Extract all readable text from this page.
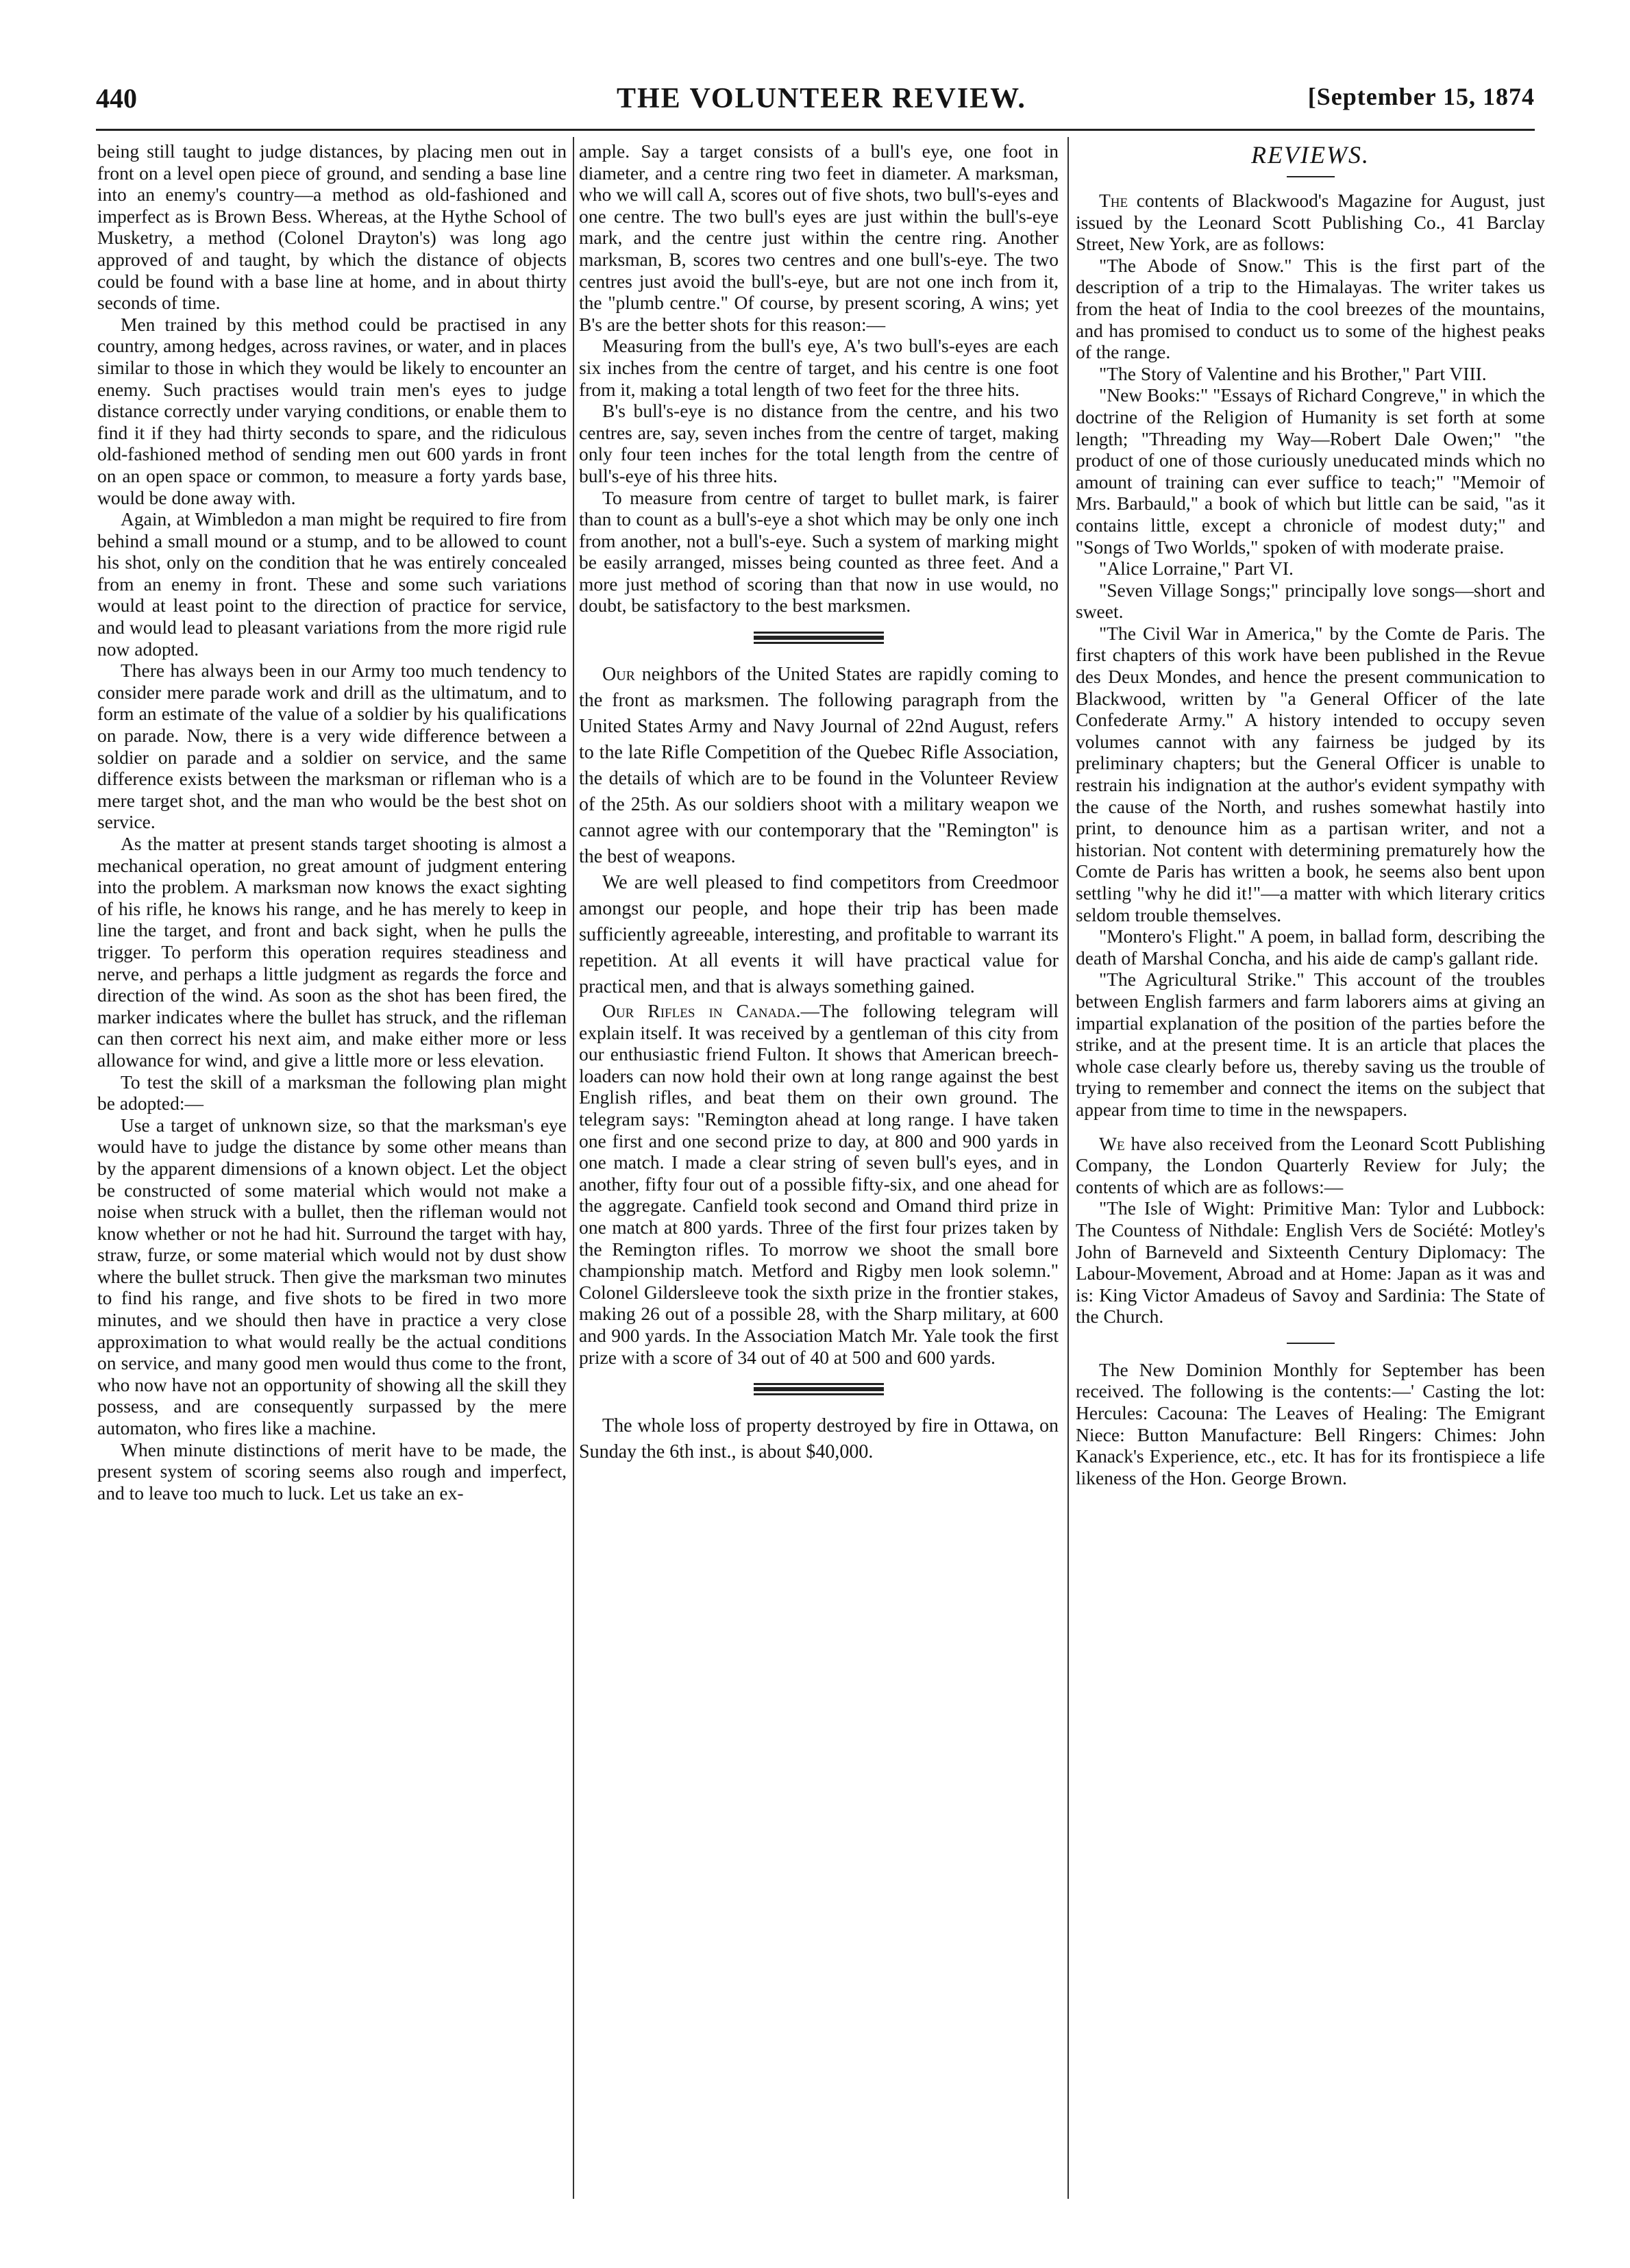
440	THE VOLUNTEER REVIEW.	[September 15, 1874

being still taught to judge distances, by placing men out in front on a level open piece of ground, and sending a base line into an enemy's country—a method as old-fashioned and imperfect as is Brown Bess. Whereas, at the Hythe School of Musketry, a method (Colonel Drayton's) was long ago approved of and taught, by which the distance of objects could be found with a base line at home, and in about thirty seconds of time.

Men trained by this method could be practised in any country, among hedges, across ravines, or water, and in places similar to those in which they would be likely to encounter an enemy. Such practises would train men's eyes to judge distance correctly under varying conditions, or enable them to find it if they had thirty seconds to spare, and the ridiculous old-fashioned method of sending men out 600 yards in front on an open space or common, to measure a forty yards base, would be done away with.

Again, at Wimbledon a man might be required to fire from behind a small mound or a stump, and to be allowed to count his shot, only on the condition that he was entirely concealed from an enemy in front. These and some such variations would at least point to the direction of practice for service, and would lead to pleasant variations from the more rigid rule now adopted.

There has always been in our Army too much tendency to consider mere parade work and drill as the ultimatum, and to form an estimate of the value of a soldier by his qualifications on parade. Now, there is a very wide difference between a soldier on parade and a soldier on service, and the same difference exists between the marksman or rifleman who is a mere target shot, and the man who would be the best shot on service.

As the matter at present stands target shooting is almost a mechanical operation, no great amount of judgment entering into the problem. A marksman now knows the exact sighting of his rifle, he knows his range, and he has merely to keep in line the target, and front and back sight, when he pulls the trigger. To perform this operation requires steadiness and nerve, and perhaps a little judgment as regards the force and direction of the wind. As soon as the shot has been fired, the marker indicates where the bullet has struck, and the rifleman can then correct his next aim, and make either more or less allowance for wind, and give a little more or less elevation.

To test the skill of a marksman the following plan might be adopted:—

Use a target of unknown size, so that the marksman's eye would have to judge the distance by some other means than by the apparent dimensions of a known object. Let the object be constructed of some material which would not make a noise when struck with a bullet, then the rifleman would not know whether or not he had hit. Surround the target with hay, straw, furze, or some material which would not by dust show where the bullet struck. Then give the marksman two minutes to find his range, and five shots to be fired in two more minutes, and we should then have in practice a very close approximation to what would really be the actual conditions on service, and many good men would thus come to the front, who now have not an opportunity of showing all the skill they possess, and are consequently surpassed by the mere automaton, who fires like a machine.

When minute distinctions of merit have to be made, the present system of scoring seems also rough and imperfect, and to leave too much to luck. Let us take an ex-

ample. Say a target consists of a bull's eye, one foot in diameter, and a centre ring two feet in diameter. A marksman, who we will call A, scores out of five shots, two bull's-eyes and one centre. The two bull's eyes are just within the bull's-eye mark, and the centre just within the centre ring. Another marksman, B, scores two centres and one bull's-eye. The two centres just avoid the bull's-eye, but are not one inch from it, the "plumb centre." Of course, by present scoring, A wins; yet B's are the better shots for this reason:—

Measuring from the bull's eye, A's two bull's-eyes are each six inches from the centre of target, and his centre is one foot from it, making a total length of two feet for the three hits.

B's bull's-eye is no distance from the centre, and his two centres are, say, seven inches from the centre of target, making only four teen inches for the total length from the centre of bull's-eye of his three hits.

To measure from centre of target to bullet mark, is fairer than to count as a bull's-eye a shot which may be only one inch from another, not a bull's-eye. Such a system of marking might be easily arranged, misses being counted as three feet. And a more just method of scoring than that now in use would, no doubt, be satisfactory to the best marksmen.

Our neighbors of the United States are rapidly coming to the front as marksmen. The following paragraph from the United States Army and Navy Journal of 22nd August, refers to the late Rifle Competition of the Quebec Rifle Association, the details of which are to be found in the Volunteer Review of the 25th. As our soldiers shoot with a military weapon we cannot agree with our contemporary that the "Remington" is the best of weapons.

We are well pleased to find competitors from Creedmoor amongst our people, and hope their trip has been made sufficiently agreeable, interesting, and profitable to warrant its repetition. At all events it will have practical value for practical men, and that is always something gained.

Our Rifles in Canada.—The following telegram will explain itself. It was received by a gentleman of this city from our enthusiastic friend Fulton. It shows that American breech-loaders can now hold their own at long range against the best English rifles, and beat them on their own ground. The telegram says: "Remington ahead at long range. I have taken one first and one second prize to day, at 800 and 900 yards in one match. I made a clear string of seven bull's eyes, and in another, fifty four out of a possible fifty-six, and one ahead for the aggregate. Canfield took second and Omand third prize in one match at 800 yards. Three of the first four prizes taken by the Remington rifles. To morrow we shoot the small bore championship match. Metford and Rigby men look solemn." Colonel Gildersleeve took the sixth prize in the frontier stakes, making 26 out of a possible 28, with the Sharp military, at 600 and 900 yards. In the Association Match Mr. Yale took the first prize with a score of 34 out of 40 at 500 and 600 yards.

The whole loss of property destroyed by fire in Ottawa, on Sunday the 6th inst., is about $40,000.

REVIEWS.

The contents of Blackwood's Magazine for August, just issued by the Leonard Scott Publishing Co., 41 Barclay Street, New York, are as follows:

"The Abode of Snow." This is the first part of the description of a trip to the Himalayas. The writer takes us from the heat of India to the cool breezes of the mountains, and has promised to conduct us to some of the highest peaks of the range.

"The Story of Valentine and his Brother," Part VIII.

"New Books:" "Essays of Richard Congreve," in which the doctrine of the Religion of Humanity is set forth at some length; "Threading my Way—Robert Dale Owen;" "the product of one of those curiously uneducated minds which no amount of training can ever suffice to teach;" "Memoir of Mrs. Barbauld," a book of which but little can be said, "as it contains little, except a chronicle of modest duty;" and "Songs of Two Worlds," spoken of with moderate praise.

"Alice Lorraine," Part VI.

"Seven Village Songs;" principally love songs—short and sweet.

"The Civil War in America," by the Comte de Paris. The first chapters of this work have been published in the Revue des Deux Mondes, and hence the present communication to Blackwood, written by "a General Officer of the late Confederate Army." A history intended to occupy seven volumes cannot with any fairness be judged by its preliminary chapters; but the General Officer is unable to restrain his indignation at the author's evident sympathy with the cause of the North, and rushes somewhat hastily into print, to denounce him as a partisan writer, and not a historian. Not content with determining prematurely how the Comte de Paris has written a book, he seems also bent upon settling "why he did it!"—a matter with which literary critics seldom trouble themselves.

"Montero's Flight." A poem, in ballad form, describing the death of Marshal Concha, and his aide de camp's gallant ride.

"The Agricultural Strike." This account of the troubles between English farmers and farm laborers aims at giving an impartial explanation of the position of the parties before the strike, and at the present time. It is an article that places the whole case clearly before us, thereby saving us the trouble of trying to remember and connect the items on the subject that appear from time to time in the newspapers.

We have also received from the Leonard Scott Publishing Company, the London Quarterly Review for July; the contents of which are as follows:—

"The Isle of Wight: Primitive Man: Tylor and Lubbock: The Countess of Nithdale: English Vers de Société: Motley's John of Barneveld and Sixteenth Century Diplomacy: The Labour-Movement, Abroad and at Home: Japan as it was and is: King Victor Amadeus of Savoy and Sardinia: The State of the Church.

The New Dominion Monthly for September has been received. The following is the contents:—' Casting the lot: Hercules: Cacouna: The Leaves of Healing: The Emigrant Niece: Button Manufacture: Bell Ringers: Chimes: John Kanack's Experience, etc., etc. It has for its frontispiece a life likeness of the Hon. George Brown.
